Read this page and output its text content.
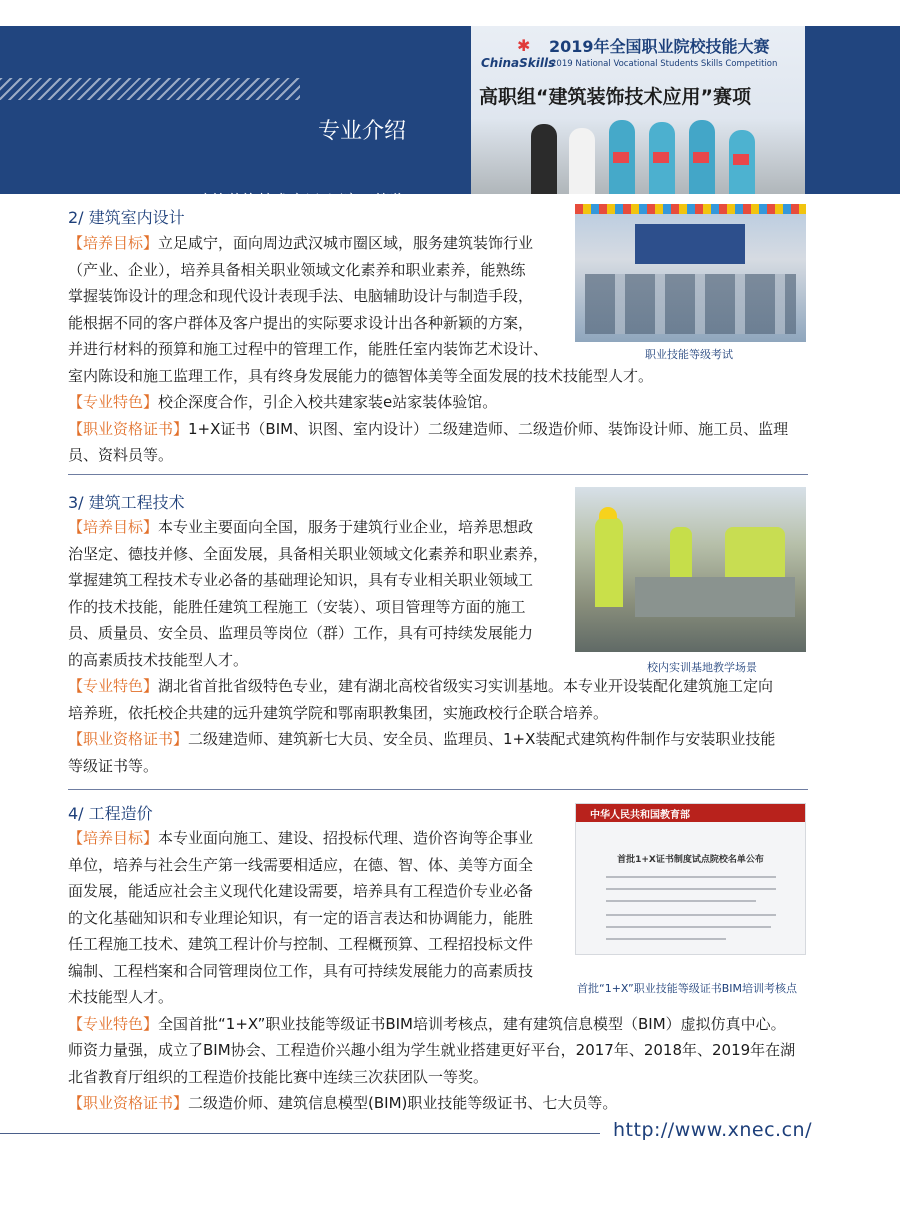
专业介绍
“建筑装饰技术应用”国赛三等奖
✱
ChinaSkills
2019年全国职业院校技能大赛
2019 National Vocational Students Skills Competition
高职组“建筑装饰技术应用”赛项
2/ 建筑室内设计
【培养目标】立足咸宁，面向周边武汉城市圈区域，服务建筑装饰行业
（产业、企业），培养具备相关职业领域文化素养和职业素养，能熟练
掌握装饰设计的理念和现代设计表现手法、电脑辅助设计与制造手段，
能根据不同的客户群体及客户提出的实际要求设计出各种新颖的方案，
并进行材料的预算和施工过程中的管理工作，能胜任室内装饰艺术设计、
室内陈设和施工监理工作，具有终身发展能力的德智体美等全面发展的技术技能型人才。
【专业特色】校企深度合作，引企入校共建家装e站家装体验馆。
【职业资格证书】1+X证书（BIM、识图、室内设计）二级建造师、二级造价师、装饰设计师、施工员、监理
员、资料员等。
职业技能等级考试
3/ 建筑工程技术
【培养目标】本专业主要面向全国，服务于建筑行业企业，培养思想政
治坚定、德技并修、全面发展，具备相关职业领域文化素养和职业素养，
掌握建筑工程技术专业必备的基础理论知识，具有专业相关职业领域工
作的技术技能，能胜任建筑工程施工（安装）、项目管理等方面的施工
员、质量员、安全员、监理员等岗位（群）工作，具有可持续发展能力
的高素质技术技能型人才。
【专业特色】湖北省首批省级特色专业，建有湖北高校省级实习实训基地。本专业开设装配化建筑施工定向
培养班，依托校企共建的远升建筑学院和鄂南职教集团，实施政校行企联合培养。
【职业资格证书】二级建造师、建筑新七大员、安全员、监理员、1+X装配式建筑构件制作与安装职业技能
等级证书等。
校内实训基地教学场景
4/ 工程造价
【培养目标】本专业面向施工、建设、招投标代理、造价咨询等企事业
单位，培养与社会生产第一线需要相适应，在德、智、体、美等方面全
面发展，能适应社会主义现代化建设需要，培养具有工程造价专业必备
的文化基础知识和专业理论知识，有一定的语言表达和协调能力，能胜
任工程施工技术、建筑工程计价与控制、工程概预算、工程招投标文件
编制、工程档案和合同管理岗位工作，具有可持续发展能力的高素质技
术技能型人才。
【专业特色】全国首批“1+X”职业技能等级证书BIM培训考核点，建有建筑信息模型（BIM）虚拟仿真中心。
师资力量强，成立了BIM协会、工程造价兴趣小组为学生就业搭建更好平台，2017年、2018年、2019年在湖
北省教育厅组织的工程造价技能比赛中连续三次获团队一等奖。
【职业资格证书】二级造价师、建筑信息模型(BIM)职业技能等级证书、七大员等。
中华人民共和国教育部
首批1+X证书制度试点院校名单公布
首批“1+X”职业技能等级证书BIM培训考核点
http://www.xnec.cn/
